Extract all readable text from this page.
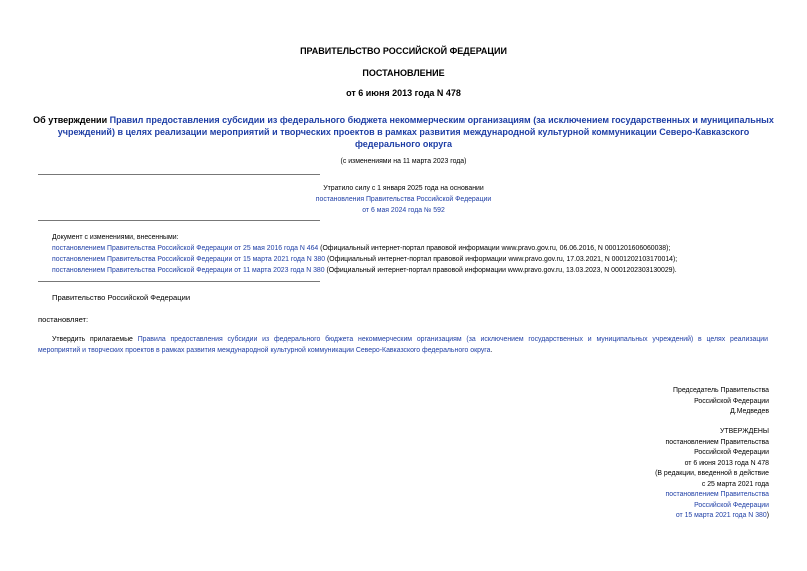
ПРАВИТЕЛЬСТВО РОССИЙСКОЙ ФЕДЕРАЦИИ
ПОСТАНОВЛЕНИЕ
от 6 июня 2013 года N 478
Об утверждении Правил предоставления субсидии из федерального бюджета некоммерческим организациям (за исключением государственных и муниципальных
учреждений) в целях реализации мероприятий и творческих проектов в рамках развития международной культурной коммуникации Северо-Кавказского
федерального округа
(с изменениями на 11 марта 2023 года)
Утратило силу с 1 января 2025 года на основании
постановления Правительства Российской Федерации
от 6 мая 2024 года № 592
Документ с изменениями, внесенными:
постановлением Правительства Российской Федерации от 25 мая 2016 года N 464 (Официальный интернет-портал правовой информации www.pravo.gov.ru, 06.06.2016, N 0001201606060038);
постановлением Правительства Российской Федерации от 15 марта 2021 года N 380 (Официальный интернет-портал правовой информации www.pravo.gov.ru, 17.03.2021, N 0001202103170014);
постановлением Правительства Российской Федерации от 11 марта 2023 года N 380 (Официальный интернет-портал правовой информации www.pravo.gov.ru, 13.03.2023, N 0001202303130029).
Правительство Российской Федерации
постановляет:
Утвердить прилагаемые Правила предоставления субсидии из федерального бюджета некоммерческим организациям (за исключением государственных и муниципальных учреждений) в целях реализации
мероприятий и творческих проектов в рамках развития международной культурной коммуникации Северо-Кавказского федерального округа.
Председатель Правительства
Российской Федерации
Д.Медведев
УТВЕРЖДЕНЫ
постановлением Правительства
Российской Федерации
от 6 июня 2013 года N 478
(В редакции, введенной в действие
с 25 марта 2021 года
постановлением Правительства
Российской Федерации
от 15 марта 2021 года N 380)
